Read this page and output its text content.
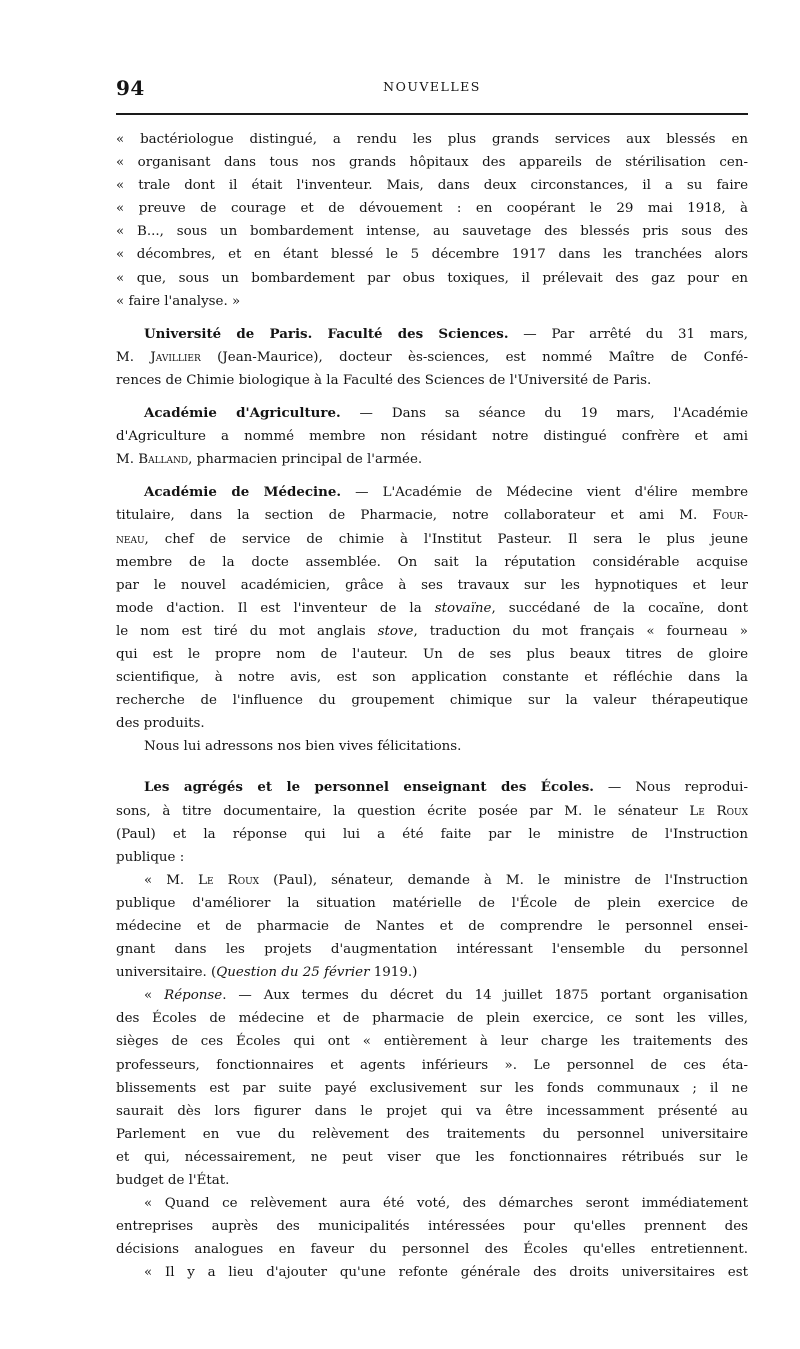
94	NOUVELLES
« bactériologue distingué, a rendu les plus grands services aux blessés en
« organisant dans tous nos grands hôpitaux des appareils de stérilisation cen-
« trale dont il était l'inventeur. Mais, dans deux circonstances, il a su faire
« preuve de courage et de dévouement : en coopérant le 29 mai 1918, à
« B..., sous un bombardement intense, au sauvetage des blessés pris sous des
« décombres, et en étant blessé le 5 décembre 1917 dans les tranchées alors
« que, sous un bombardement par obus toxiques, il prélevait des gaz pour en
« faire l'analyse. »
Université de Paris. Faculté des Sciences. — Par arrêté du 31 mars,
M. Javillier (Jean-Maurice), docteur ès-sciences, est nommé Maître de Confé-
rences de Chimie biologique à la Faculté des Sciences de l'Université de Paris.
Académie d'Agriculture. — Dans sa séance du 19 mars, l'Académie
d'Agriculture a nommé membre non résidant notre distingué confrère et ami
M. Balland, pharmacien principal de l'armée.
Académie de Médecine. — L'Académie de Médecine vient d'élire membre
titulaire, dans la section de Pharmacie, notre collaborateur et ami M. Four-
neau, chef de service de chimie à l'Institut Pasteur. Il sera le plus jeune
membre de la docte assemblée. On sait la réputation considérable acquise
par le nouvel académicien, grâce à ses travaux sur les hypnotiques et leur
mode d'action. Il est l'inventeur de la stovaïne, succédané de la cocaïne, dont
le nom est tiré du mot anglais stove, traduction du mot français « fourneau »
qui est le propre nom de l'auteur. Un de ses plus beaux titres de gloire
scientifique, à notre avis, est son application constante et réfléchie dans la
recherche de l'influence du groupement chimique sur la valeur thérapeutique
des produits.
Nous lui adressons nos bien vives félicitations.
Les agrégés et le personnel enseignant des Écoles. — Nous reprodui-
sons, à titre documentaire, la question écrite posée par M. le sénateur Le Roux
(Paul) et la réponse qui lui a été faite par le ministre de l'Instruction
publique :
« M. Le Roux (Paul), sénateur, demande à M. le ministre de l'Instruction
publique d'améliorer la situation matérielle de l'École de plein exercice de
médecine et de pharmacie de Nantes et de comprendre le personnel ensei-
gnant dans les projets d'augmentation intéressant l'ensemble du personnel
universitaire. (Question du 25 février 1919.)
« Réponse. — Aux termes du décret du 14 juillet 1875 portant organisation
des Écoles de médecine et de pharmacie de plein exercice, ce sont les villes,
sièges de ces Écoles qui ont « entièrement à leur charge les traitements des
professeurs, fonctionnaires et agents inférieurs ». Le personnel de ces éta-
blissements est par suite payé exclusivement sur les fonds communaux ; il ne
saurait dès lors figurer dans le projet qui va être incessamment présenté au
Parlement en vue du relèvement des traitements du personnel universitaire
et qui, nécessairement, ne peut viser que les fonctionnaires rétribués sur le
budget de l'État.
« Quand ce relèvement aura été voté, des démarches seront immédiatement
entreprises auprès des municipalités intéressées pour qu'elles prennent des
décisions analogues en faveur du personnel des Écoles qu'elles entretiennent.
« Il y a lieu d'ajouter qu'une refonte générale des droits universitaires est
